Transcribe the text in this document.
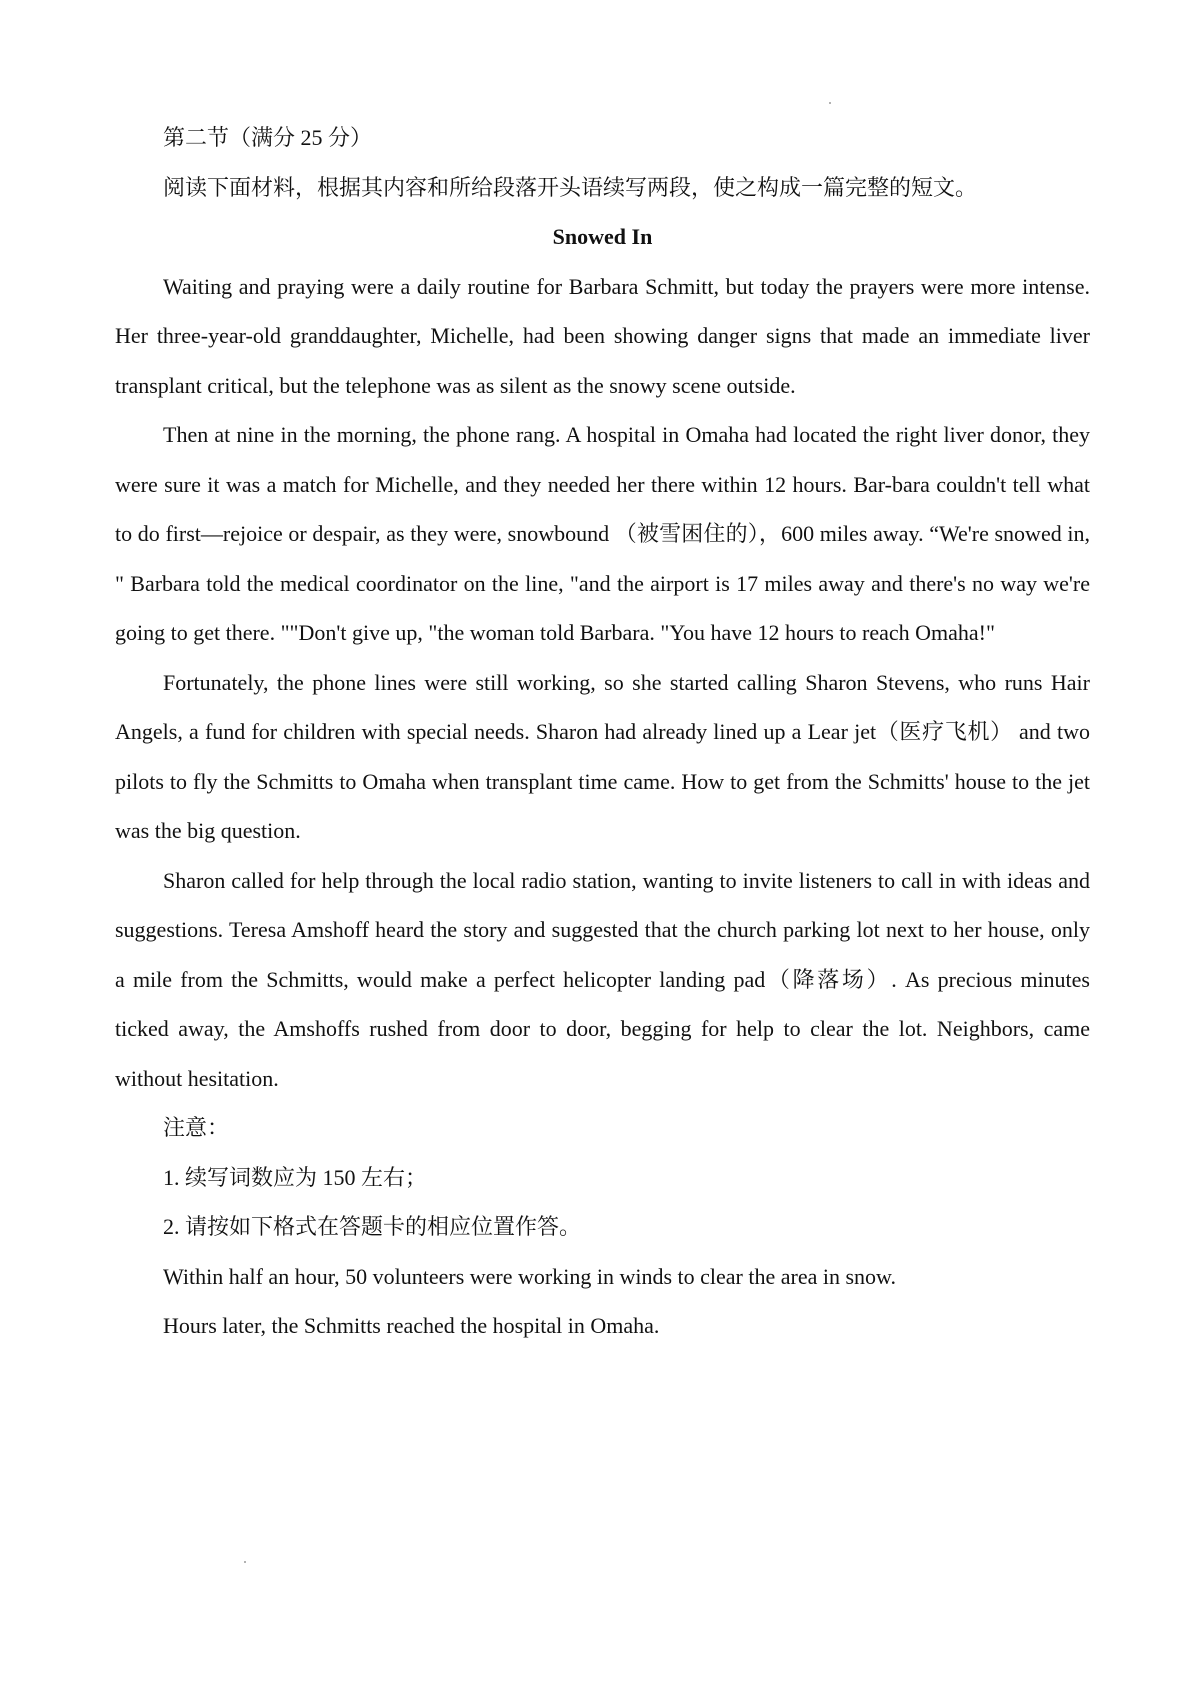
第二节（满分 25 分）

阅读下面材料，根据其内容和所给段落开头语续写两段，使之构成一篇完整的短文。

Snowed In

Waiting and praying were a daily routine for Barbara Schmitt, but today the prayers were more intense. Her three-year-old granddaughter, Michelle, had been showing danger signs that made an immediate liver transplant critical, but the telephone was as silent as the snowy scene outside.

Then at nine in the morning, the phone rang. A hospital in Omaha had located the right liver donor, they were sure it was a match for Michelle, and they needed her there within 12 hours. Bar-bara couldn't tell what to do first—rejoice or despair, as they were, snowbound （被雪困住的），600 miles away. “We're snowed in, " Barbara told the medical coordinator on the line, "and the airport is 17 miles away and there's no way we're going to get there. ""Don't give up, "the woman told Barbara. "You have 12 hours to reach Omaha!"

Fortunately, the phone lines were still working, so she started calling Sharon Stevens, who runs Hair Angels, a fund for children with special needs. Sharon had already lined up a Lear jet（医疗飞机） and two pilots to fly the Schmitts to Omaha when transplant time came. How to get from the Schmitts' house to the jet was the big question.

Sharon called for help through the local radio station, wanting to invite listeners to call in with ideas and suggestions. Teresa Amshoff heard the story and suggested that the church parking lot next to her house, only a mile from the Schmitts, would make a perfect helicopter landing pad（降落场）. As precious minutes ticked away, the Amshoffs rushed from door to door, begging for help to clear the lot. Neighbors, came without hesitation.

注意：

1. 续写词数应为 150 左右；

2. 请按如下格式在答题卡的相应位置作答。

Within half an hour, 50 volunteers were working in winds to clear the area in snow.

Hours later, the Schmitts reached the hospital in Omaha.
